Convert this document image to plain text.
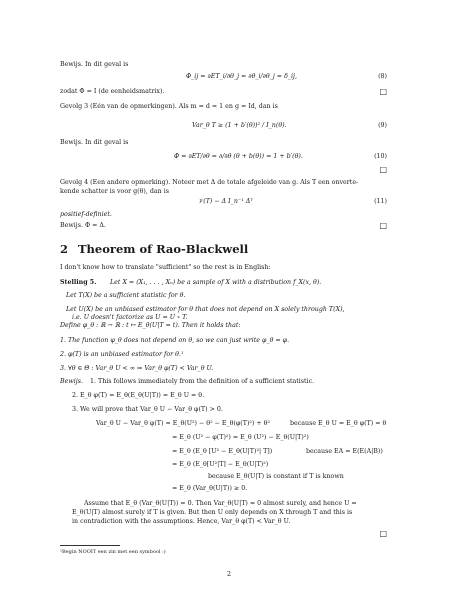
Bewijs. In dit geval is
Φ_ij = ∂ET_i/∂θ_j = ∂θ_i/∂θ_j = δ_ij,	(8)
zodat Φ = I (de eenheidsmatrix).	□
Gevolg 3 (Eén van de opmerkingen). Als m = d = 1 en g = Id, dan is
Var_θ T ≥ (1 + b′(θ))² / I_n(θ).	(9)
Bewijs. In dit geval is
Φ = ∂ET/∂θ = ∂/∂θ (θ + b(θ)) = 1 + b′(θ).	(10)
□
Gevolg 4 (Een andere opmerking). Noteer met Δ de totale afgeleide van g. Als T een onverte-
kende schatter is voor g(θ), dan is
𝒱(T) − Δ I_n⁻¹ Δᵀ	(11)
positief-definiet.
Bewijs. Φ = Δ.	□
2 Theorem of Rao-Blackwell
I don't know how to translate "sufficient" so the rest is in English:
Stelling 5. Let X = (X₁, . . . , Xₙ) be a sample of X with a distribution f_X(x, θ).
Let T(X) be a sufficient statistic for θ.
Let U(X) be an unbiased estimator for θ that does not depend on X solely through T(X),
i.e. U doesn't factorize as U = U ∘ T.
Define φ_θ : ℝ → ℝ : t ↦ E_θ(U|T = t). Then it holds that:
1. The function φ_θ does not depend on θ, so we can just write φ_θ = φ.
2. φ(T) is an unbiased estimator for θ.¹
3. ∀θ ∈ Θ : Var_θ U < ∞ ⇒ Var_θ φ(T) < Var_θ U.
Bewijs. 1. This follows immediately from the definition of a sufficient statistic.
2. E_θ φ(T) = E_θ(E_θ(U|T)) = E_θ U = θ.
3. We will prove that Var_θ U − Var_θ φ(T) > 0.
Var_θ U − Var_θ φ(T) = E_θ(U²) − θ² − E_θ(φ(T)²) + θ²	because E_θ U = E_θ φ(T) = θ
= E_θ (U² − φ(T)²) = E_θ (U²) − E_θ(U|T)²)
= E_θ (E_θ [U² − E_θ(U|T)²| T])	because EA = E(E(A|B))
= E_θ (E_θ[U²|T] − E_θ(U|T)²)
because E_θ(U|T) is constant if T is known
= E_θ (Var_θ(U|T)) ≥ 0.
Assume that E_θ (Var_θ(U|T)) = 0. Then Var_θ(U|T) = 0 almost surely, and hence U =
E_θ(U|T) almost surely if T is given. But then U only depends on X through T and this is
in contradiction with the assumptions. Hence, Var_θ φ(T) < Var_θ U.
□
¹Begin NOOIT een zin met een symbool :)
2
